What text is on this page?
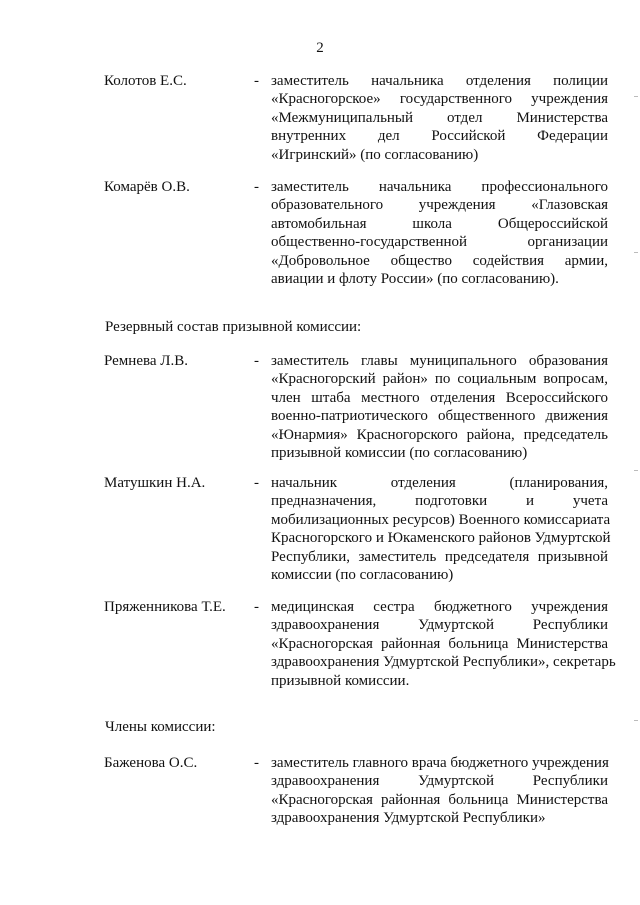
2
Колотов Е.С.	- заместитель начальника отделения полиции
«Красногорское» государственного учреждения
«Межмуниципальный отдел Министерства
внутренних дел Российской Федерации
«Игринский» (по согласованию)
Комарёв О.В.	- заместитель начальника профессионального
образовательного учреждения «Глазовская
автомобильная школа Общероссийской
общественно-государственной организации
«Добровольное общество содействия армии,
авиации и флоту России» (по согласованию).
Резервный состав призывной комиссии:
Ремнева Л.В.	- заместитель главы муниципального образования
«Красногорский район» по социальным вопросам,
член штаба местного отделения Всероссийского
военно-патриотического общественного движения
«Юнармия» Красногорского района, председатель
призывной комиссии (по согласованию)
Матушкин Н.А.	- начальник отделения (планирования,
предназначения, подготовки и учета
мобилизационных ресурсов) Военного комиссариата
Красногорского и Юкаменского районов Удмуртской
Республики, заместитель председателя призывной
комиссии (по согласованию)
Пряженникова Т.Е. - медицинская сестра бюджетного учреждения
здравоохранения Удмуртской Республики
«Красногорская районная больница Министерства
здравоохранения Удмуртской Республики», секретарь
призывной комиссии.
Члены комиссии:
Баженова О.С.	- заместитель главного врача бюджетного учреждения
здравоохранения Удмуртской Республики
«Красногорская районная больница Министерства
здравоохранения Удмуртской Республики»
